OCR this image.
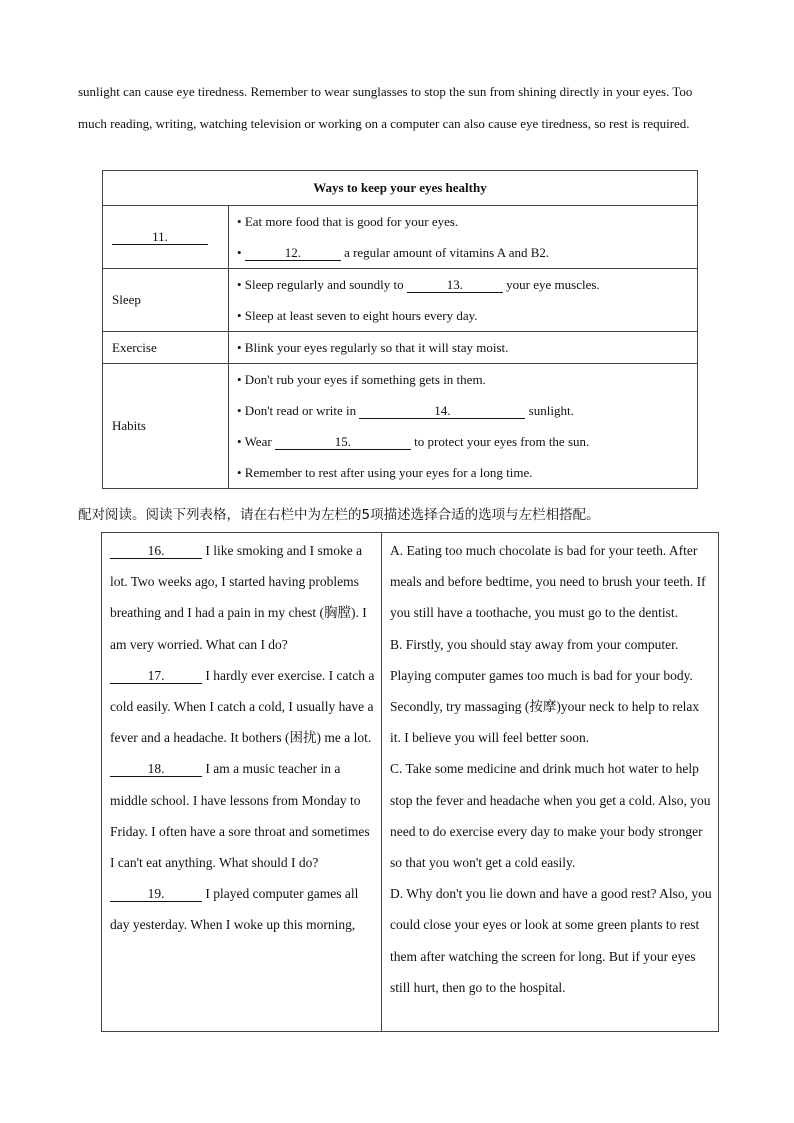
sunlight can cause eye tiredness. Remember to wear sunglasses to stop the sun from shining directly in your eyes. Too much reading, writing, watching television or working on a computer can also cause eye tiredness, so rest is required.

Ways to keep your eyes healthy	
11.	• Eat more food that is good for your eyes.
• 12. a regular amount of vitamins A and B2.

Sleep	• Sleep regularly and soundly to 13. your eye muscles.
• Sleep at least seven to eight hours every day.

Exercise	• Blink your eyes regularly so that it will stay moist.

Habits	• Don't rub your eyes if something gets in them.
• Don't read or write in 14. sunlight.
• Wear 15. to protect your eyes from the sun.
• Remember to rest after using your eyes for a long time.

配对阅读。阅读下列表格，请在右栏中为左栏的5项描述选择合适的选项与左栏相搭配。

16.	I like smoking and I smoke a lot. Two weeks ago, I started having problems breathing and I had a pain in my chest (胸膛). I am very worried. What can I do?
17.	I hardly ever exercise. I catch a cold easily. When I catch a cold, I usually have a fever and a headache. It bothers (困扰) me a lot.
18.	I am a music teacher in a middle school. I have lessons from Monday to Friday. I often have a sore throat and sometimes I can't eat anything. What should I do?
19.	I played computer games all day yesterday. When I woke up this morning,	
A. Eating too much chocolate is bad for your teeth. After meals and before bedtime, you need to brush your teeth. If you still have a toothache, you must go to the dentist.
B. Firstly, you should stay away from your computer. Playing computer games too much is bad for your body. Secondly, try massaging (按摩)your neck to help to relax it. I believe you will feel better soon.
C. Take some medicine and drink much hot water to help stop the fever and headache when you get a cold. Also, you need to do exercise every day to make your body stronger so that you won't get a cold easily.
D. Why don't you lie down and have a good rest? Also, you could close your eyes or look at some green plants to rest them after watching the screen for long. But if your eyes still hurt, then go to the hospital.
